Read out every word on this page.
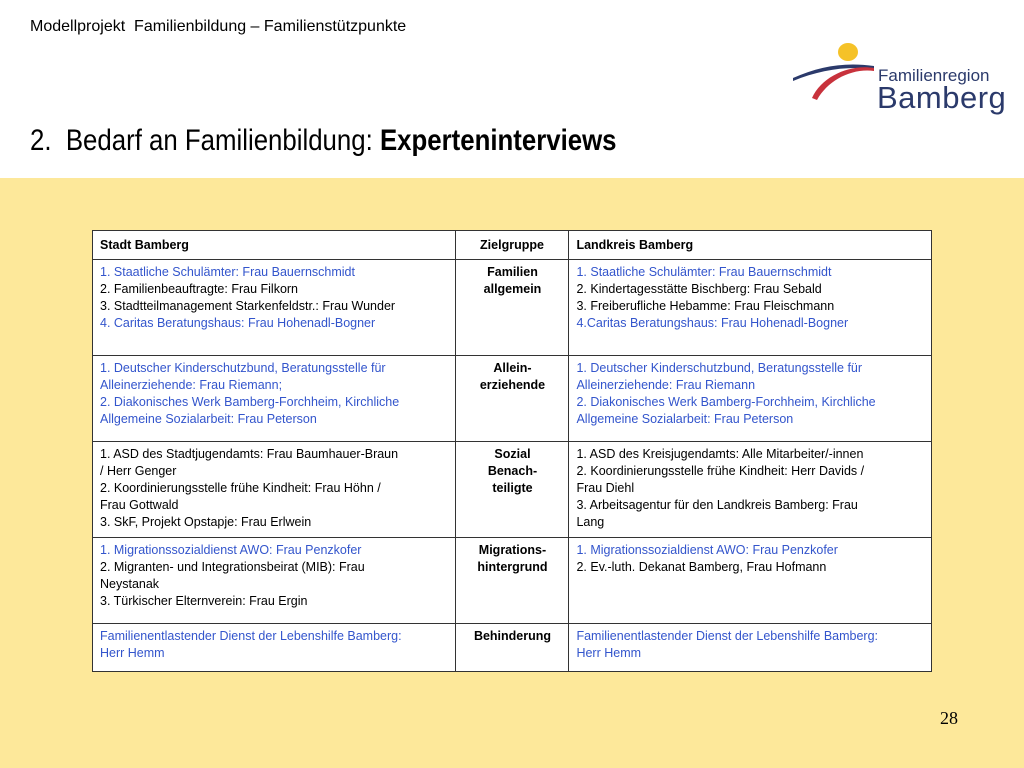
Modellprojekt  Familienbildung – Familienstützpunkte
Familienregion
Bamberg
2.  Bedarf an Familienbildung: Experteninterviews
Stadt Bamberg	Zielgruppe	Landkreis Bamberg

1. Staatliche Schulämter: Frau Bauernschmidt
2. Familienbeauftragte: Frau Filkorn
3. Stadtteilmanagement Starkenfeldstr.: Frau Wunder
4. Caritas Beratungshaus: Frau Hohenadl-Bogner	Familien
allgemein	1. Staatliche Schulämter: Frau Bauernschmidt
2. Kindertagesstätte Bischberg: Frau Sebald
3. Freiberufliche Hebamme: Frau Fleischmann
4.Caritas Beratungshaus: Frau Hohenadl-Bogner

1. Deutscher Kinderschutzbund, Beratungsstelle für
Alleinerziehende: Frau Riemann;
2. Diakonisches Werk Bamberg-Forchheim, Kirchliche
Allgemeine Sozialarbeit: Frau Peterson	Allein-
erziehende	1. Deutscher Kinderschutzbund, Beratungsstelle für
Alleinerziehende: Frau Riemann
2. Diakonisches Werk Bamberg-Forchheim, Kirchliche
Allgemeine Sozialarbeit: Frau Peterson

1. ASD des Stadtjugendamts: Frau Baumhauer-Braun
/ Herr Genger
2. Koordinierungsstelle frühe Kindheit: Frau Höhn /
Frau Gottwald
3. SkF, Projekt Opstapje: Frau Erlwein	Sozial
Benach-
teiligte	1. ASD des Kreisjugendamts: Alle Mitarbeiter/-innen
2. Koordinierungsstelle frühe Kindheit: Herr Davids /
Frau Diehl
3. Arbeitsagentur für den Landkreis Bamberg: Frau
Lang

1. Migrationssozialdienst AWO: Frau Penzkofer
2. Migranten- und Integrationsbeirat (MIB): Frau
Neystanak
3. Türkischer Elternverein: Frau Ergin	Migrations-
hintergrund	1. Migrationssozialdienst AWO: Frau Penzkofer
2. Ev.-luth. Dekanat Bamberg, Frau Hofmann

Familienentlastender Dienst der Lebenshilfe Bamberg:
Herr Hemm	Behinderung	Familienentlastender Dienst der Lebenshilfe Bamberg:
Herr Hemm
28
